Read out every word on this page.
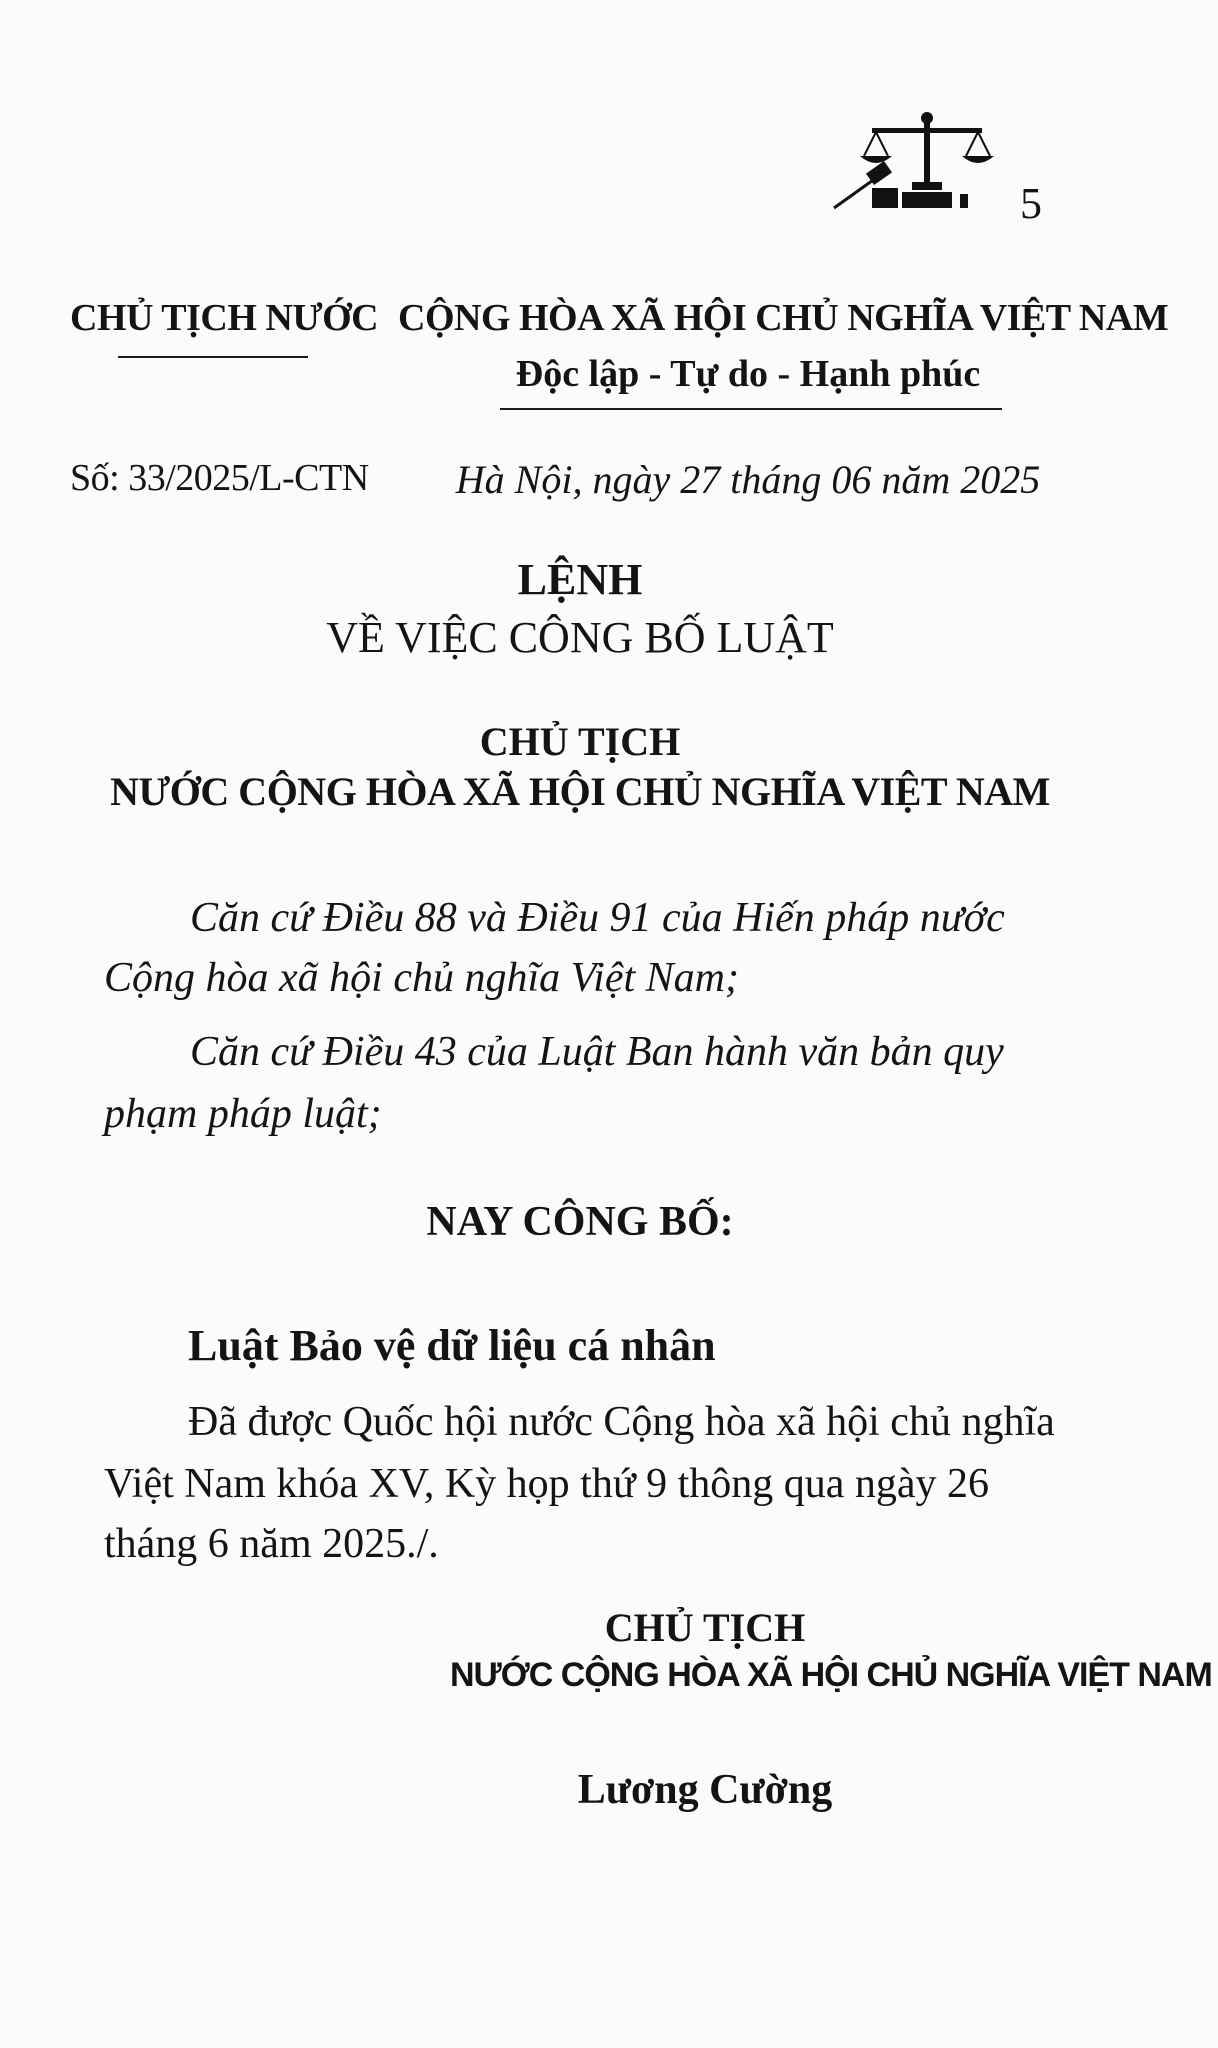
5
CHỦ TỊCH NƯỚC CỘNG HÒA XÃ HỘI CHỦ NGHĨA VIỆT NAM
Độc lập - Tự do - Hạnh phúc
Số: 33/2025/L-CTN	Hà Nội, ngày 27 tháng 06 năm 2025
LỆNH
VỀ VIỆC CÔNG BỐ LUẬT
CHỦ TỊCH
NƯỚC CỘNG HÒA XÃ HỘI CHỦ NGHĨA VIỆT NAM
Căn cứ Điều 88 và Điều 91 của Hiến pháp nước
Cộng hòa xã hội chủ nghĩa Việt Nam;
Căn cứ Điều 43 của Luật Ban hành văn bản quy
phạm pháp luật;
NAY CÔNG BỐ:
Luật Bảo vệ dữ liệu cá nhân
Đã được Quốc hội nước Cộng hòa xã hội chủ nghĩa
Việt Nam khóa XV, Kỳ họp thứ 9 thông qua ngày 26
tháng 6 năm 2025./.
CHỦ TỊCH
NƯỚC CỘNG HÒA XÃ HỘI CHỦ NGHĨA VIỆT NAM
Lương Cường
